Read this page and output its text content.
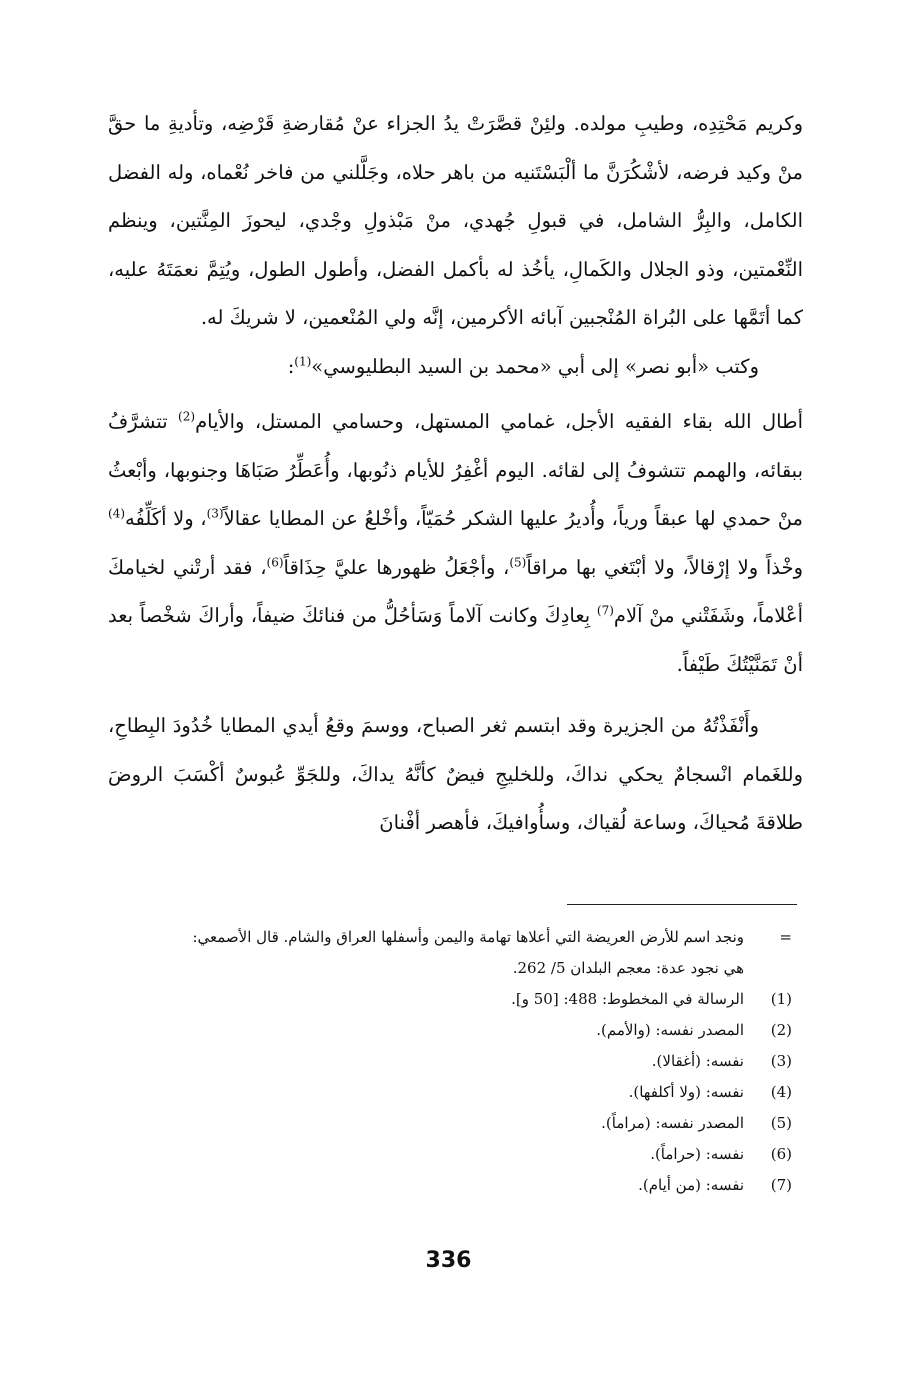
وكريم مَحْتِدِه، وطيبِ مولده. ولئِنْ قصَّرَتْ يدُ الجزاء عنْ مُقارضةِ قَرْضِه، وتأديةِ ما حقَّ منْ وكيد فرضه، لأشْكُرَنَّ ما ألْبَسْتَنيه من باهر حلاه، وجَلَّلني من فاخر نُعْماه، وله الفضل الكامل، والبِرُّ الشامل، في قبولِ جُهدي، منْ مَبْذولِ وجْدي، ليحوزَ المِنَّتين، وينظم النِّعْمتين، وذو الجلال والكَمالِ، يأخُذ له بأكمل الفضل، وأطول الطول، ويُتِمَّ نعمَتَهُ عليه، كما أتَمَّها على البُراة المُنْجبين آبائه الأكرمين، إنَّه ولي المُنْعمين، لا شريكَ له.

وكتب «أبو نصر» إلى أبي «محمد بن السيد البطليوسي»$^{(1)}$:

أطال الله بقاء الفقيه الأجل، غمامي المستهل، وحسامي المستل، والأيام$^{(2)}$ تتشرَّفُ ببقائه، والهمم تتشوفُ إلى لقائه. اليوم أغْفِرُ للأيام ذنُوبها، وأُعَطِّرُ صَبَاهَا وجنوبها، وأبْعثُ منْ حمدي لها عبقاً ورياً، وأُديرُ عليها الشكر حُمَيّاً، وأخْلعُ عن المطايا عقالاً$^{(3)}$، ولا أكَلِّفُه$^{(4)}$ وخْذاً ولا إرْقالاً، ولا أبْتَغي بها مراقاً$^{(5)}$، وأجْعَلُ ظهورها عليَّ حِذَاقاً$^{(6)}$، فقد أرتْني لخيامكَ أعْلاماً، وشَفَتْني منْ آلام$^{(7)}$ بِعادِكَ وكانت آلاماً وَسَأحُلُّ من فنائكَ ضيفاً، وأراكَ شخْصاً بعد أنْ تَمَنَّيْتُكَ طَيْفاً.

وأَنْفَذْتُهُ من الجزيرة وقد ابتسم ثغر الصباح، ووسمَ وقعُ أيدي المطايا خُدُودَ البِطاحِ، وللغَمام انْسجامٌ يحكي نداكَ، وللخليجِ فيضٌ كأنَّهُ يداكَ، وللجَوِّ عُبوسٌ أكْسَبَ الروضَ طلاقةَ مُحياكَ، وساعة لُقياك، وسأُوافيكَ، فأهصر أفْنانَ

=
ونجد اسم للأرض العريضة التي أعلاها تهامة واليمن وأسفلها العراق والشام. قال الأصمعي:
هي نجود عدة: معجم البلدان 5/ 262.
(1)
الرسالة في المخطوط: 488: [50 و].
(2)
المصدر نفسه: (والأمم).
(3)
نفسه: (أغقالا).
(4)
نفسه: (ولا أكلفها).
(5)
المصدر نفسه: (مراماً).
(6)
نفسه: (حراماً).
(7)
نفسه: (من أيام).
336
